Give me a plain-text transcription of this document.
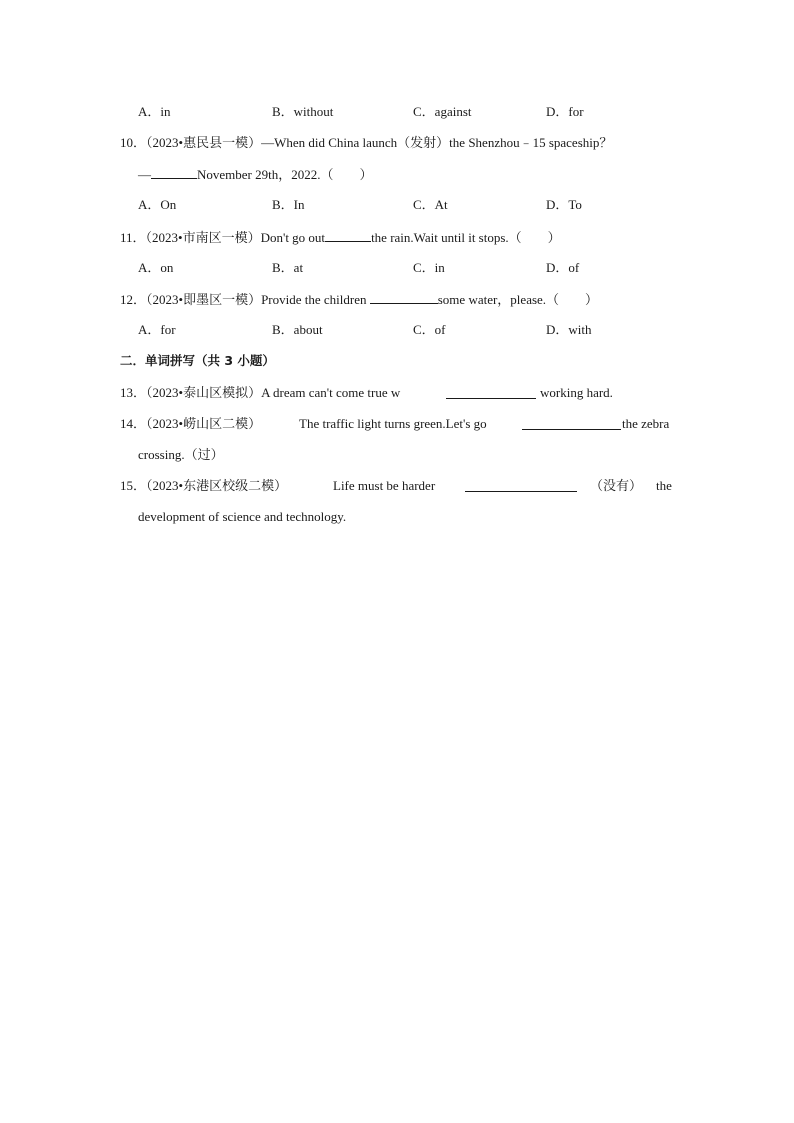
A．in	B．without	C．against	D．for
10．（2023•惠民县一模）—When did China launch（发射）the Shenzhou﹣15 spaceship？
—	November 29th，2022.（　　）
A．On	B．In	C．At	D．To
11．（2023•市南区一模）Don't go out	the rain.Wait until it stops.（　　）
A．on	B．at	C．in	D．of
12．（2023•即墨区一模）Provide the children	some water，please.（　　）
A．for	B．about	C．of	D．with
二．单词拼写（共 3 小题）
13．（2023•泰山区模拟）A dream can't come true w	working hard.
14．（2023•崂山区二模）	The traffic light turns green.Let's go	the zebra
crossing.（过）
15．（2023•东港区校级二模）	Life must be harder	（没有） the
development of science and technology.
